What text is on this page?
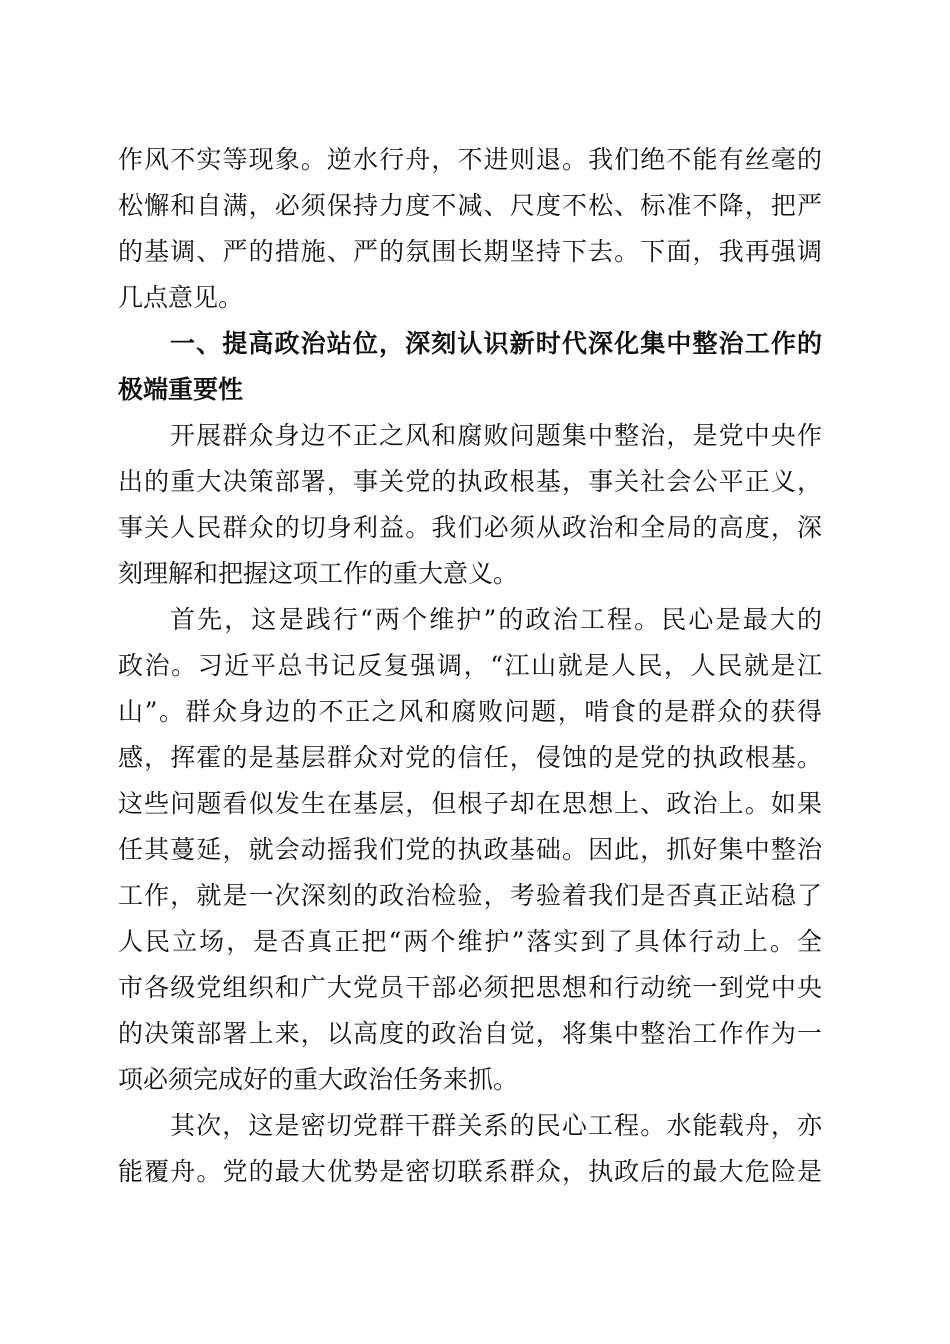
作风不实等现象。逆水行舟，不进则退。我们绝不能有丝毫的
松懈和自满，必须保持力度不减、尺度不松、标准不降，把严
的基调、严的措施、严的氛围长期坚持下去。下面，我再强调
几点意见。
一、提高政治站位，深刻认识新时代深化集中整治工作的
极端重要性
开展群众身边不正之风和腐败问题集中整治，是党中央作
出的重大决策部署，事关党的执政根基，事关社会公平正义，
事关人民群众的切身利益。我们必须从政治和全局的高度，深
刻理解和把握这项工作的重大意义。
首先，这是践行“两个维护”的政治工程。民心是最大的
政治。习近平总书记反复强调，“江山就是人民，人民就是江
山”。群众身边的不正之风和腐败问题，啃食的是群众的获得
感，挥霍的是基层群众对党的信任，侵蚀的是党的执政根基。
这些问题看似发生在基层，但根子却在思想上、政治上。如果
任其蔓延，就会动摇我们党的执政基础。因此，抓好集中整治
工作，就是一次深刻的政治检验，考验着我们是否真正站稳了
人民立场，是否真正把“两个维护”落实到了具体行动上。全
市各级党组织和广大党员干部必须把思想和行动统一到党中央
的决策部署上来，以高度的政治自觉，将集中整治工作作为一
项必须完成好的重大政治任务来抓。
其次，这是密切党群干群关系的民心工程。水能载舟，亦
能覆舟。党的最大优势是密切联系群众，执政后的最大危险是
